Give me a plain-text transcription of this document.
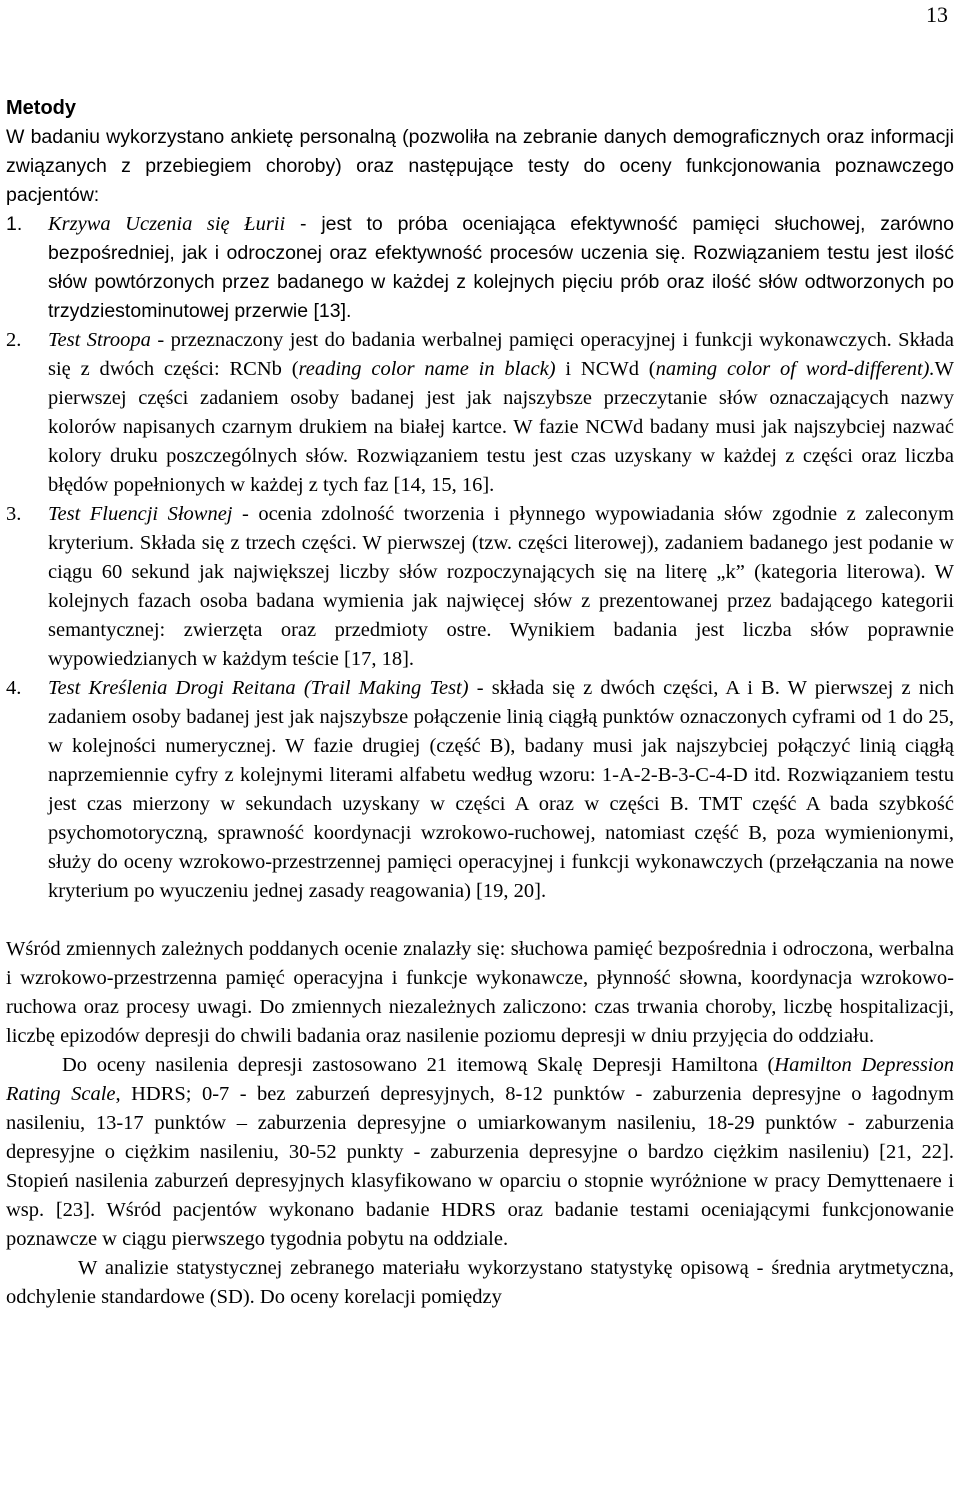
13
Metody

W badaniu wykorzystano ankietę personalną (pozwoliła na zebranie danych demograficznych oraz informacji związanych z przebiegiem choroby) oraz następujące testy do oceny funkcjonowania poznawczego pacjentów:

1. Krzywa Uczenia się Łurii - jest to próba oceniająca efektywność pamięci słuchowej, zarówno bezpośredniej, jak i odroczonej oraz efektywność procesów uczenia się. Rozwiązaniem testu jest ilość słów powtórzonych przez badanego w każdej z kolejnych pięciu prób oraz ilość słów odtworzonych po trzydziestominutowej przerwie [13].
2. Test Stroopa - przeznaczony jest do badania werbalnej pamięci operacyjnej i funkcji wykonawczych. Składa się z dwóch części: RCNb (reading color name in black) i NCWd (naming color of word-different).W pierwszej części zadaniem osoby badanej jest jak najszybsze przeczytanie słów oznaczających nazwy kolorów napisanych czarnym drukiem na białej kartce. W fazie NCWd badany musi jak najszybciej nazwać kolory druku poszczególnych słów. Rozwiązaniem testu jest czas uzyskany w każdej z części oraz liczba błędów popełnionych w każdej z tych faz [14, 15, 16].
3. Test Fluencji Słownej - ocenia zdolność tworzenia i płynnego wypowiadania słów zgodnie z zaleconym kryterium. Składa się z trzech części. W pierwszej (tzw. części literowej), zadaniem badanego jest podanie w ciągu 60 sekund jak największej liczby słów rozpoczynających się na literę „k” (kategoria literowa). W kolejnych fazach osoba badana wymienia jak najwięcej słów z prezentowanej przez badającego kategorii semantycznej: zwierzęta oraz przedmioty ostre. Wynikiem badania jest liczba słów poprawnie wypowiedzianych w każdym teście [17, 18].
4. Test Kreślenia Drogi Reitana (Trail Making Test) - składa się z dwóch części, A i B. W pierwszej z nich zadaniem osoby badanej jest jak najszybsze połączenie linią ciągłą punktów oznaczonych cyframi od 1 do 25, w kolejności numerycznej. W fazie drugiej (część B), badany musi jak najszybciej połączyć linią ciągłą naprzemiennie cyfry z kolejnymi literami alfabetu według wzoru: 1-A-2-B-3-C-4-D itd. Rozwiązaniem testu jest czas mierzony w sekundach uzyskany w części A oraz w części B. TMT część A bada szybkość psychomotoryczną, sprawność koordynacji wzrokowo-ruchowej, natomiast część B, poza wymienionymi, służy do oceny wzrokowo-przestrzennej pamięci operacyjnej i funkcji wykonawczych (przełączania na nowe kryterium po wyuczeniu jednej zasady reagowania) [19, 20].

Wśród zmiennych zależnych poddanych ocenie znalazły się: słuchowa pamięć bezpośrednia i odroczona, werbalna i wzrokowo-przestrzenna pamięć operacyjna i funkcje wykonawcze, płynność słowna, koordynacja wzrokowo-ruchowa oraz procesy uwagi. Do zmiennych niezależnych zaliczono: czas trwania choroby, liczbę hospitalizacji, liczbę epizodów depresji do chwili badania oraz nasilenie poziomu depresji w dniu przyjęcia do oddziału.

Do oceny nasilenia depresji zastosowano 21 itemową Skalę Depresji Hamiltona (Hamilton Depression Rating Scale, HDRS; 0-7 - bez zaburzeń depresyjnych, 8-12 punktów - zaburzenia depresyjne o łagodnym nasileniu, 13-17 punktów – zaburzenia depresyjne o umiarkowanym nasileniu, 18-29 punktów - zaburzenia depresyjne o ciężkim nasileniu, 30-52 punkty - zaburzenia depresyjne o bardzo ciężkim nasileniu) [21, 22]. Stopień nasilenia zaburzeń depresyjnych klasyfikowano w oparciu o stopnie wyróżnione w pracy Demyttenaere i wsp. [23]. Wśród pacjentów wykonano badanie HDRS oraz badanie testami oceniającymi funkcjonowanie poznawcze w ciągu pierwszego tygodnia pobytu na oddziale.

W analizie statystycznej zebranego materiału wykorzystano statystykę opisową - średnia arytmetyczna, odchylenie standardowe (SD). Do oceny korelacji pomiędzy
